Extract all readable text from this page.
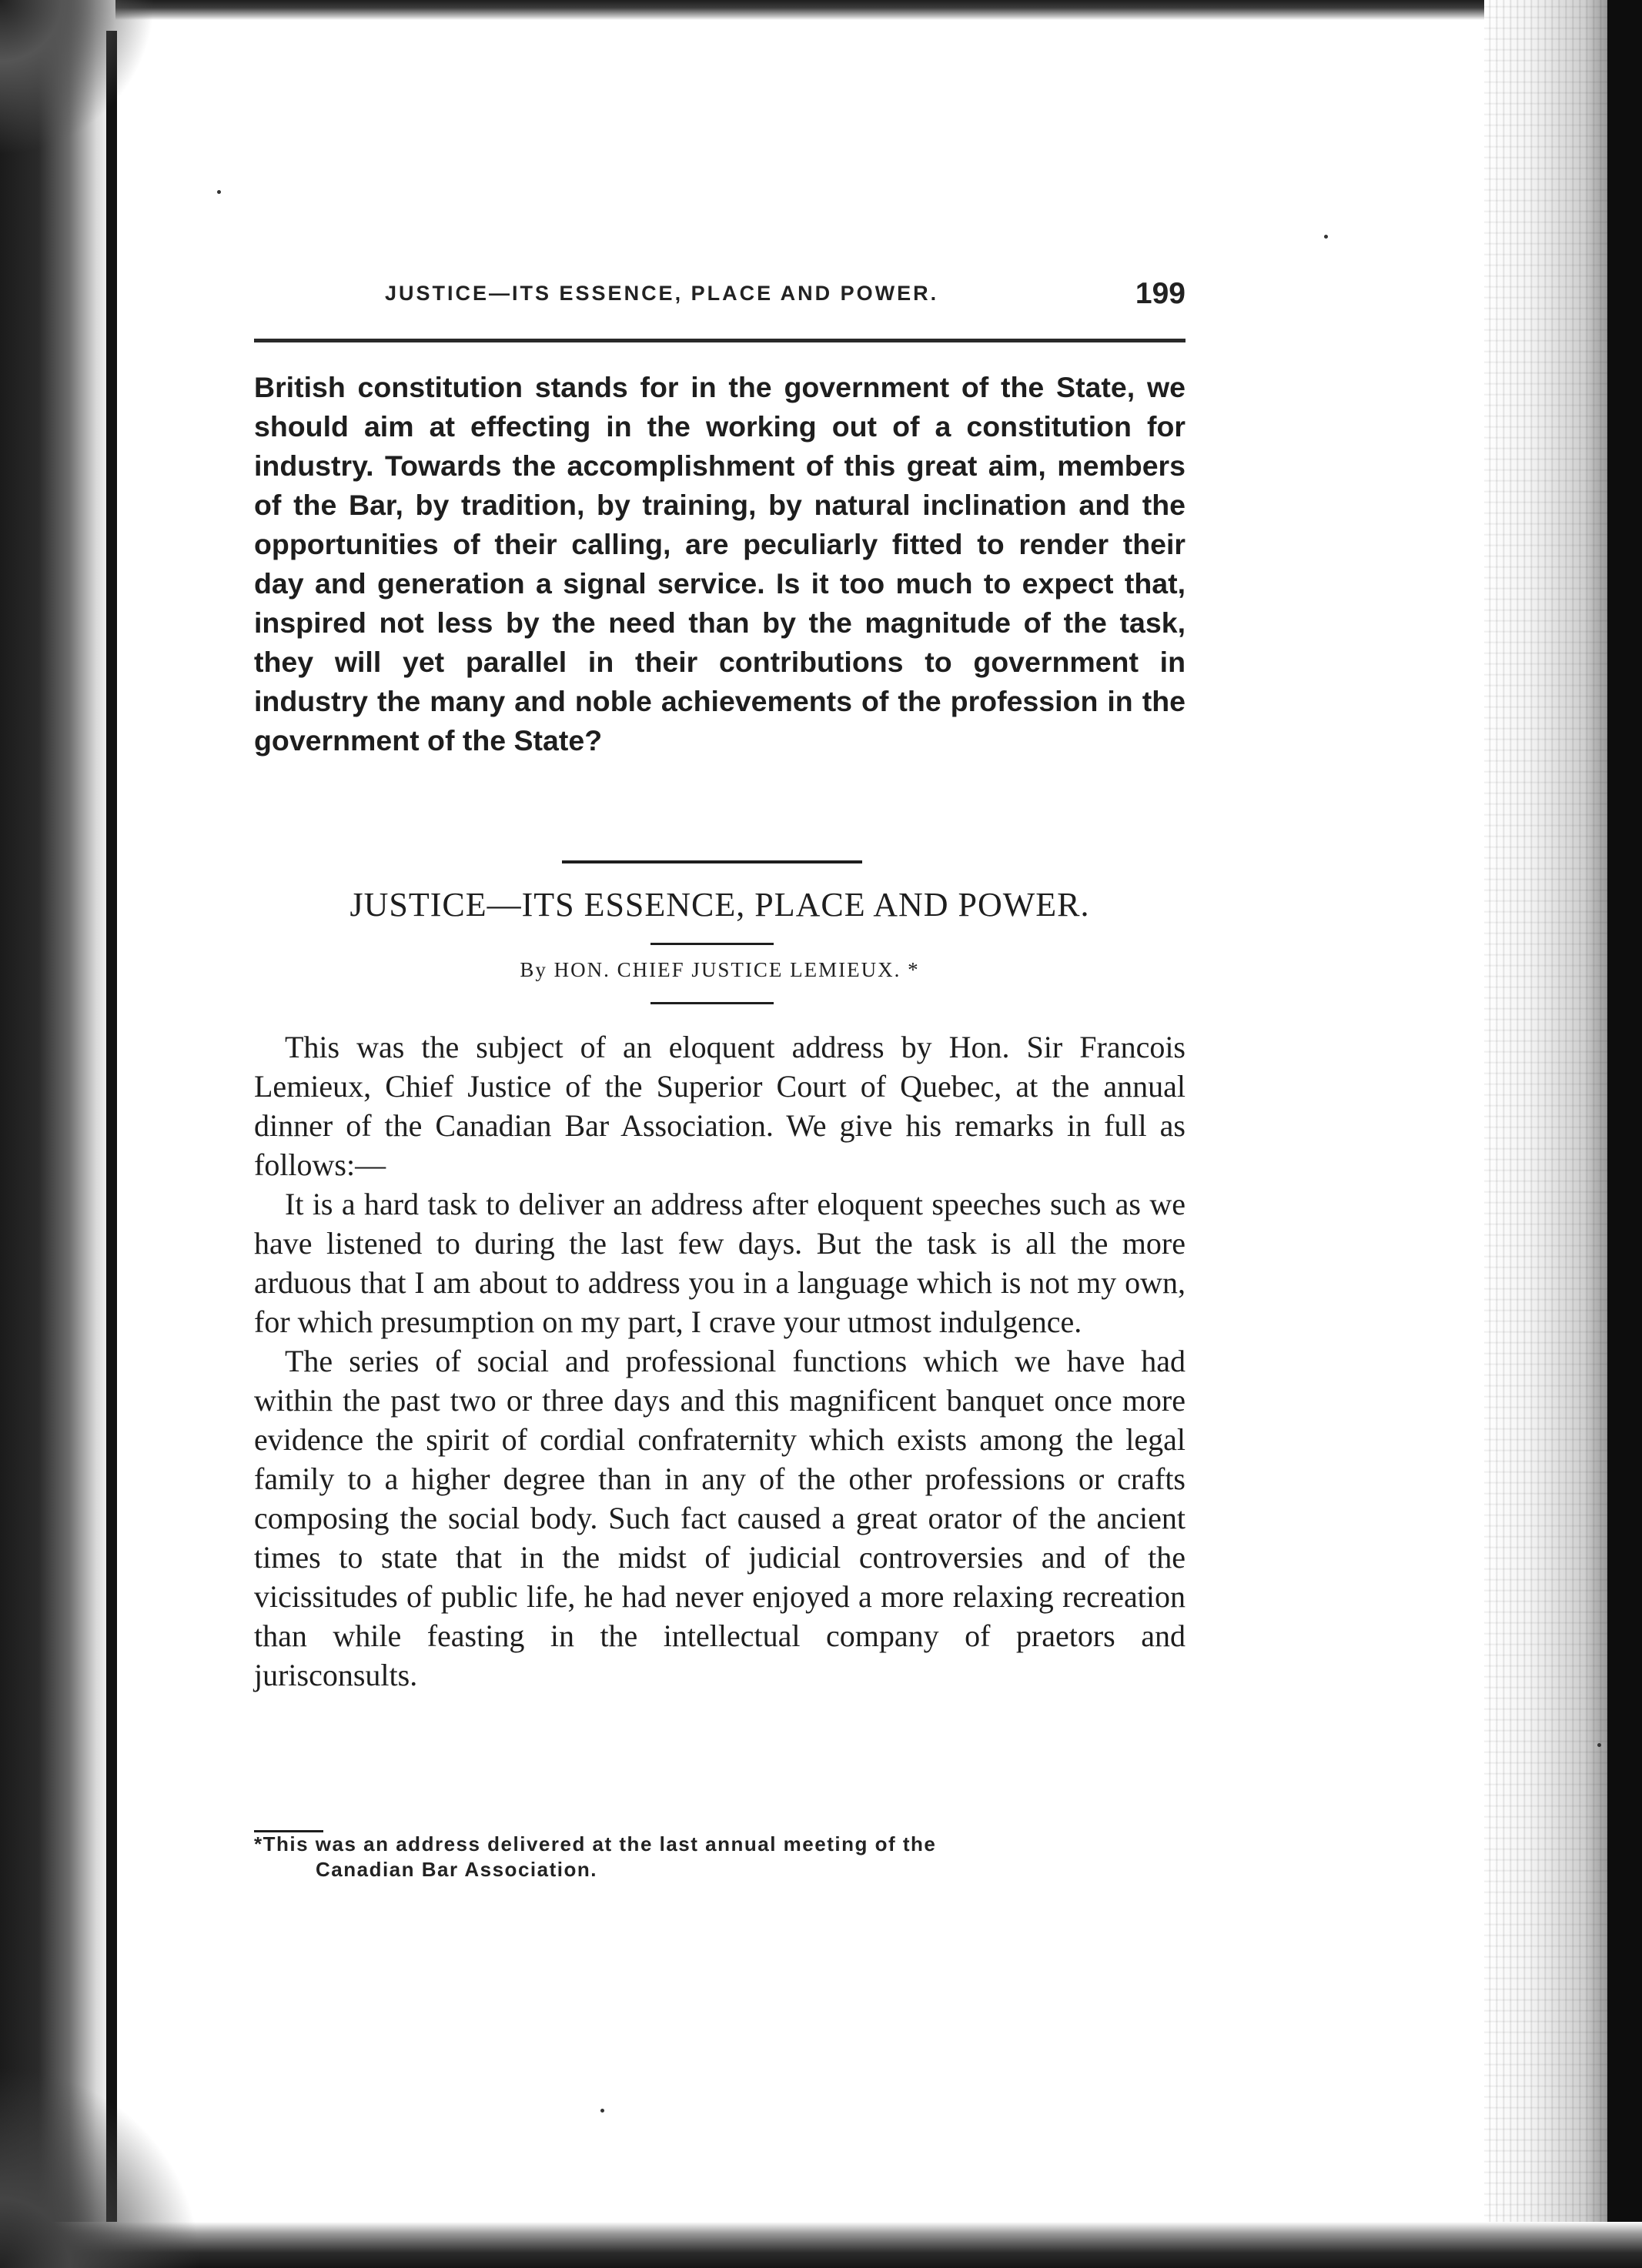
JUSTICE—ITS ESSENCE, PLACE AND POWER.	199
British constitution stands for in the government of the State, we should aim at effecting in the working out of a constitution for industry. Towards the accomplishment of this great aim, members of the Bar, by tradition, by training, by natural inclination and the opportunities of their calling, are peculiarly fitted to render their day and generation a signal service. Is it too much to expect that, inspired not less by the need than by the magnitude of the task, they will yet parallel in their contributions to government in industry the many and noble achievements of the profession in the government of the State?
JUSTICE—ITS ESSENCE, PLACE AND POWER.
By HON. CHIEF JUSTICE LEMIEUX. *

This was the subject of an eloquent address by Hon. Sir Francois Lemieux, Chief Justice of the Superior Court of Quebec, at the annual dinner of the Canadian Bar Association. We give his remarks in full as follows:—

It is a hard task to deliver an address after eloquent speeches such as we have listened to during the last few days. But the task is all the more arduous that I am about to address you in a language which is not my own, for which presumption on my part, I crave your utmost indulgence.

The series of social and professional functions which we have had within the past two or three days and this magnificent banquet once more evidence the spirit of cordial confraternity which exists among the legal family to a higher degree than in any of the other professions or crafts composing the social body. Such fact caused a great orator of the ancient times to state that in the midst of judicial controversies and of the vicissitudes of public life, he had never enjoyed a more relaxing recreation than while feasting in the intellectual company of praetors and jurisconsults.

*This was an address delivered at the last annual meeting of the
Canadian Bar Association.
